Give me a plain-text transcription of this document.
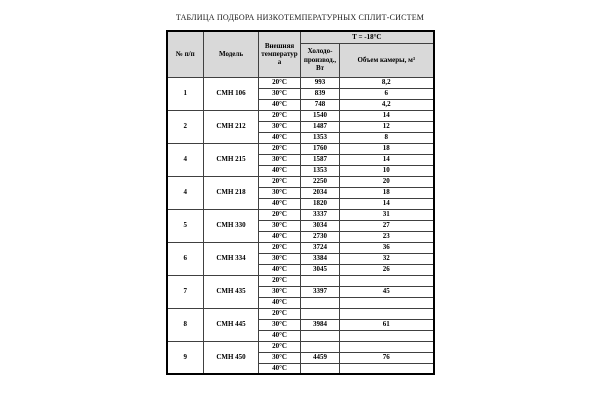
ТАБЛИЦА ПОДБОРА НИЗКОТЕМПЕРАТУРНЫХ СПЛИТ-СИСТЕМ
№ п/п	Модель	Внешняя температура	Т = -18°С	
			Холодо-производ., Вт	Объем камеры, м³
1	СМН 106	20°С	993	8,2
		30°С	839	6
		40°С	748	4,2
2	СМН 212	20°С	1540	14
		30°С	1487	12
		40°С	1353	8
4	СМН 215	20°С	1760	18
		30°С	1587	14
		40°С	1353	10
4	СМН 218	20°С	2250	20
		30°С	2034	18
		40°С	1820	14
5	СМН 330	20°С	3337	31
		30°С	3034	27
		40°С	2730	23
6	СМН 334	20°С	3724	36
		30°С	3384	32
		40°С	3045	26
7	СМН 435	20°С		
		30°С	3397	45
		40°С		
8	СМН 445	20°С		
		30°С	3984	61
		40°С		
9	СМН 450	20°С		
		30°С	4459	76
		40°С		
